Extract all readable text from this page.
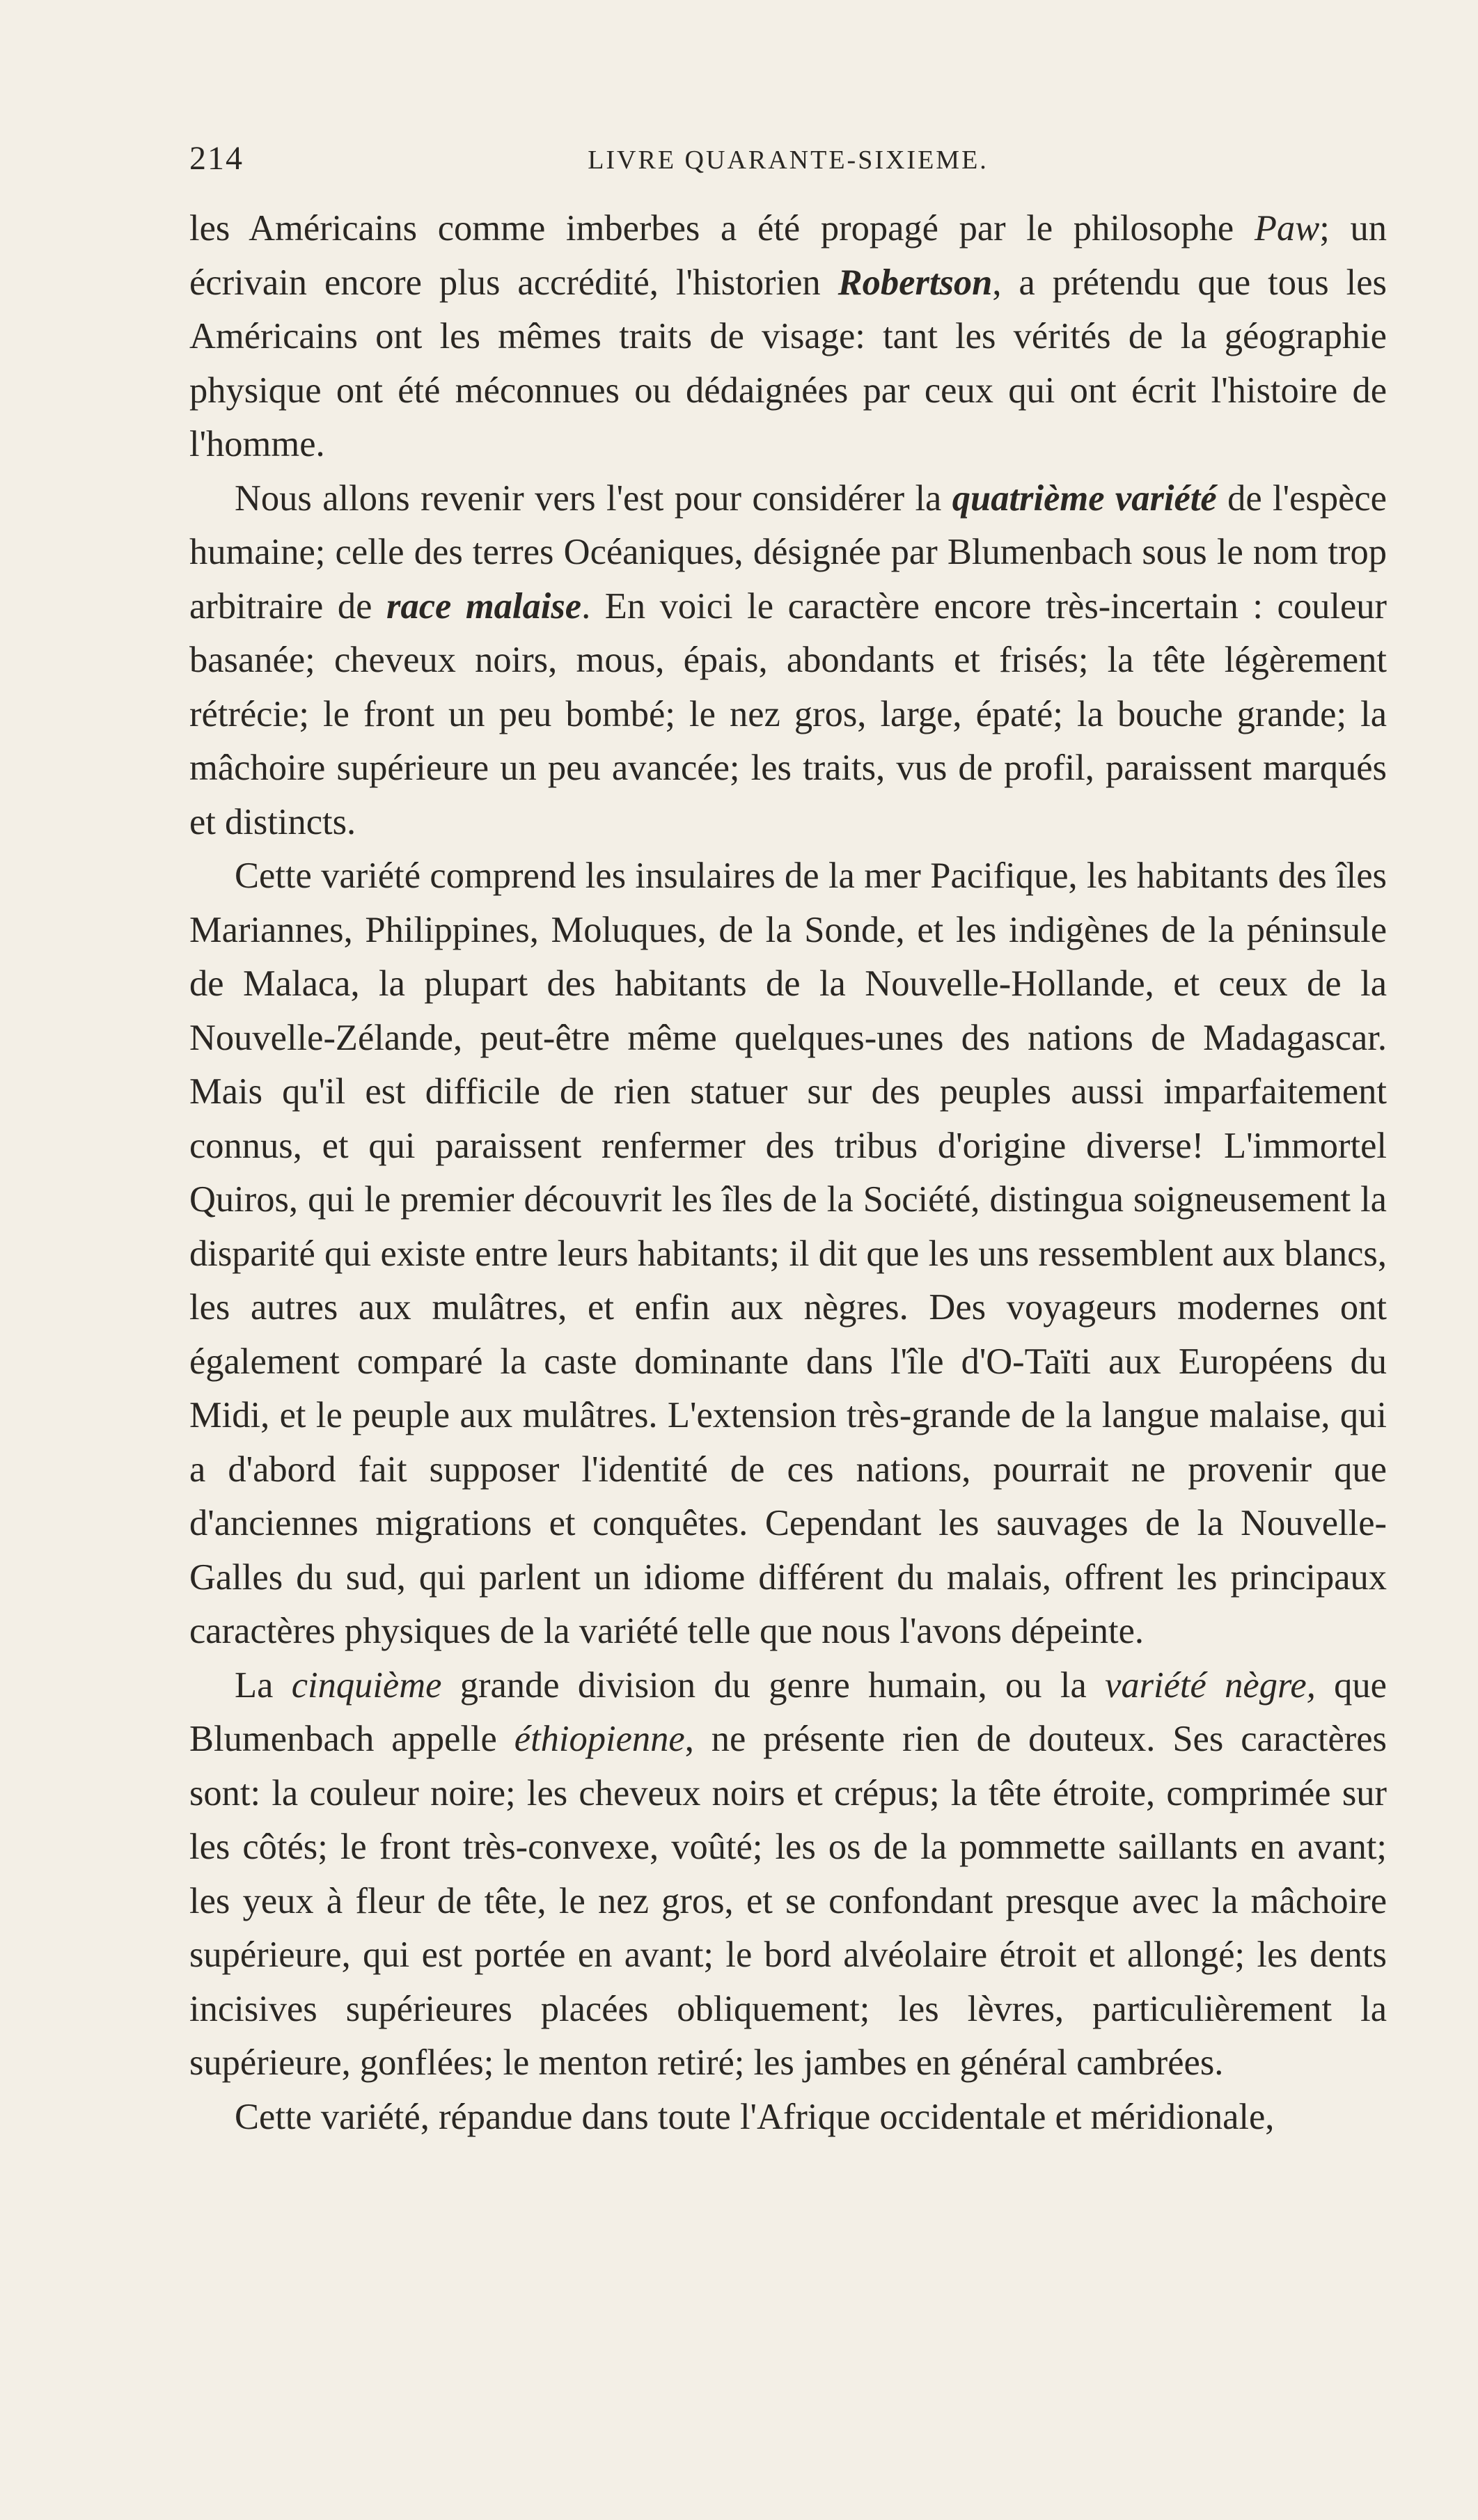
214	LIVRE QUARANTE-SIXIEME.

les Américains comme imberbes a été propagé par le philosophe Paw; un écrivain encore plus accrédité, l'historien Robertson, a prétendu que tous les Américains ont les mêmes traits de visage: tant les vérités de la géographie physique ont été méconnues ou dédaignées par ceux qui ont écrit l'histoire de l'homme.

Nous allons revenir vers l'est pour considérer la quatrième variété de l'espèce humaine; celle des terres Océaniques, désignée par Blumenbach sous le nom trop arbitraire de race malaise. En voici le caractère encore très-incertain : couleur basanée; cheveux noirs, mous, épais, abondants et frisés; la tête légèrement rétrécie; le front un peu bombé; le nez gros, large, épaté; la bouche grande; la mâchoire supérieure un peu avancée; les traits, vus de profil, paraissent marqués et distincts.

Cette variété comprend les insulaires de la mer Pacifique, les habitants des îles Mariannes, Philippines, Moluques, de la Sonde, et les indigènes de la péninsule de Malaca, la plupart des habitants de la Nouvelle-Hollande, et ceux de la Nouvelle-Zélande, peut-être même quelques-unes des nations de Madagascar. Mais qu'il est difficile de rien statuer sur des peuples aussi imparfaitement connus, et qui paraissent renfermer des tribus d'origine diverse! L'immortel Quiros, qui le premier découvrit les îles de la Société, distingua soigneusement la disparité qui existe entre leurs habitants; il dit que les uns ressemblent aux blancs, les autres aux mulâtres, et enfin aux nègres. Des voyageurs modernes ont également comparé la caste dominante dans l'île d'O-Taïti aux Européens du Midi, et le peuple aux mulâtres. L'extension très-grande de la langue malaise, qui a d'abord fait supposer l'identité de ces nations, pourrait ne provenir que d'anciennes migrations et conquêtes. Cependant les sauvages de la Nouvelle-Galles du sud, qui parlent un idiome différent du malais, offrent les principaux caractères physiques de la variété telle que nous l'avons dépeinte.

La cinquième grande division du genre humain, ou la variété nègre, que Blumenbach appelle éthiopienne, ne présente rien de douteux. Ses caractères sont: la couleur noire; les cheveux noirs et crépus; la tête étroite, comprimée sur les côtés; le front très-convexe, voûté; les os de la pommette saillants en avant; les yeux à fleur de tête, le nez gros, et se confondant presque avec la mâchoire supérieure, qui est portée en avant; le bord alvéolaire étroit et allongé; les dents incisives supérieures placées obliquement; les lèvres, particulièrement la supérieure, gonflées; le menton retiré; les jambes en général cambrées.

Cette variété, répandue dans toute l'Afrique occidentale et méridionale,
